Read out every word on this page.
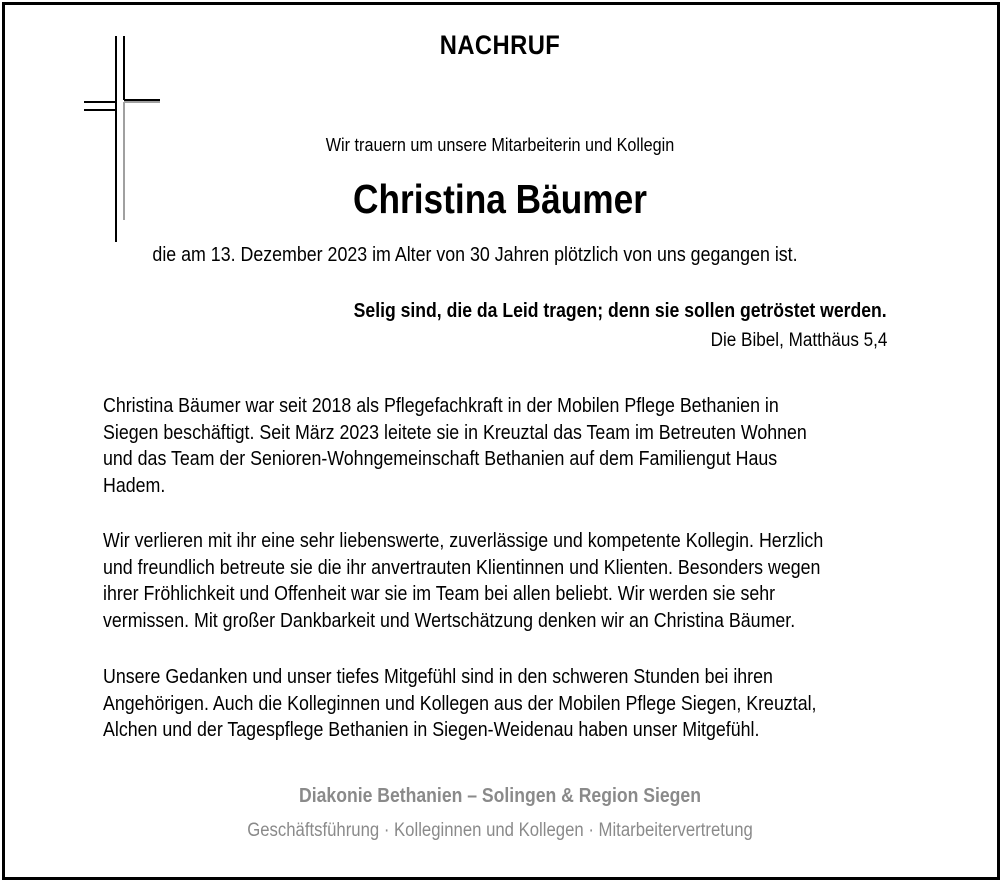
NACHRUF
Wir trauern um unsere Mitarbeiterin und Kollegin
Christina Bäumer
die am 13. Dezember 2023 im Alter von 30 Jahren plötzlich von uns gegangen ist.
Selig sind, die da Leid tragen; denn sie sollen getröstet werden.
Die Bibel, Matthäus 5,4

Christina Bäumer war seit 2018 als Pflegefachkraft in der Mobilen Pflege Bethanien in
Siegen beschäftigt. Seit März 2023 leitete sie in Kreuztal das Team im Betreuten Wohnen
und das Team der Senioren-Wohngemeinschaft Bethanien auf dem Familiengut Haus
Hadem.

Wir verlieren mit ihr eine sehr liebenswerte, zuverlässige und kompetente Kollegin. Herzlich
und freundlich betreute sie die ihr anvertrauten Klientinnen und Klienten. Besonders wegen
ihrer Fröhlichkeit und Offenheit war sie im Team bei allen beliebt. Wir werden sie sehr
vermissen. Mit großer Dankbarkeit und Wertschätzung denken wir an Christina Bäumer.

Unsere Gedanken und unser tiefes Mitgefühl sind in den schweren Stunden bei ihren
Angehörigen. Auch die Kolleginnen und Kollegen aus der Mobilen Pflege Siegen, Kreuztal,
Alchen und der Tagespflege Bethanien in Siegen-Weidenau haben unser Mitgefühl.

Diakonie Bethanien – Solingen & Region Siegen
Geschäftsführung · Kolleginnen und Kollegen · Mitarbeitervertretung
